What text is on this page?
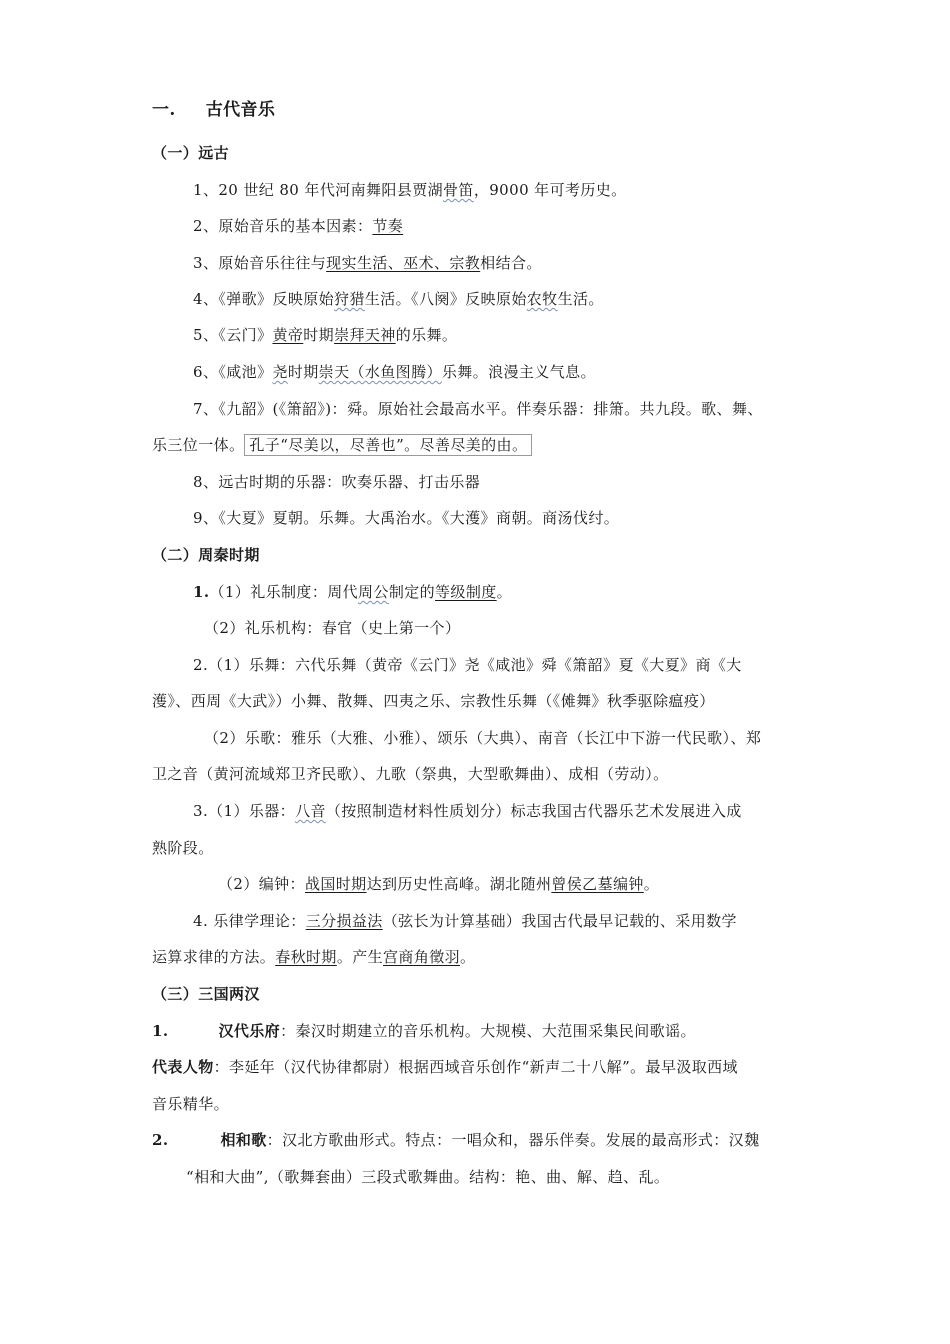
一. 古代音乐
（一）远古
1、20 世纪 80 年代河南舞阳县贾湖骨笛，9000 年可考历史。
2、原始音乐的基本因素：节奏
3、原始音乐往往与现实生活、巫术、宗教相结合。
4、《弹歌》反映原始狩猎生活。《八阕》反映原始农牧生活。
5、《云门》黄帝时期崇拜天神的乐舞。
6、《咸池》尧时期崇天（水鱼图腾）乐舞。浪漫主义气息。
7、《九韶》(《箫韶》)：舜。原始社会最高水平。伴奏乐器：排箫。共九段。歌、舞、
乐三位一体。 孔子“尽美以，尽善也”。尽善尽美的由。
8、远古时期的乐器：吹奏乐器、打击乐器
9、《大夏》夏朝。乐舞。大禹治水。《大濩》商朝。商汤伐纣。
（二）周秦时期
1.（1）礼乐制度：周代周公制定的等级制度。
（2）礼乐机构：春官（史上第一个）
2.（1）乐舞：六代乐舞（黄帝《云门》尧《咸池》舜《箫韶》夏《大夏》商《大
濩》、西周《大武》）小舞、散舞、四夷之乐、宗教性乐舞（《傩舞》秋季驱除瘟疫）
（2）乐歌：雅乐（大雅、小雅）、颂乐（大典）、南音（长江中下游一代民歌）、郑
卫之音（黄河流域郑卫齐民歌）、九歌（祭典，大型歌舞曲）、成相（劳动）。
3.（1）乐器：八音（按照制造材料性质划分）标志我国古代器乐艺术发展进入成
熟阶段。
（2）编钟：战国时期达到历史性高峰。湖北随州曾侯乙墓编钟。
4. 乐律学理论：三分损益法（弦长为计算基础）我国古代最早记载的、采用数学
运算求律的方法。春秋时期。产生宫商角徵羽。
（三）三国两汉
1.	汉代乐府：秦汉时期建立的音乐机构。大规模、大范围采集民间歌谣。
代表人物：李延年（汉代协律都尉）根据西域音乐创作“新声二十八解”。最早汲取西域
音乐精华。
2.	相和歌：汉北方歌曲形式。特点：一唱众和，器乐伴奏。发展的最高形式：汉魏
“相和大曲”,（歌舞套曲）三段式歌舞曲。结构：艳、曲、解、趋、乱。
